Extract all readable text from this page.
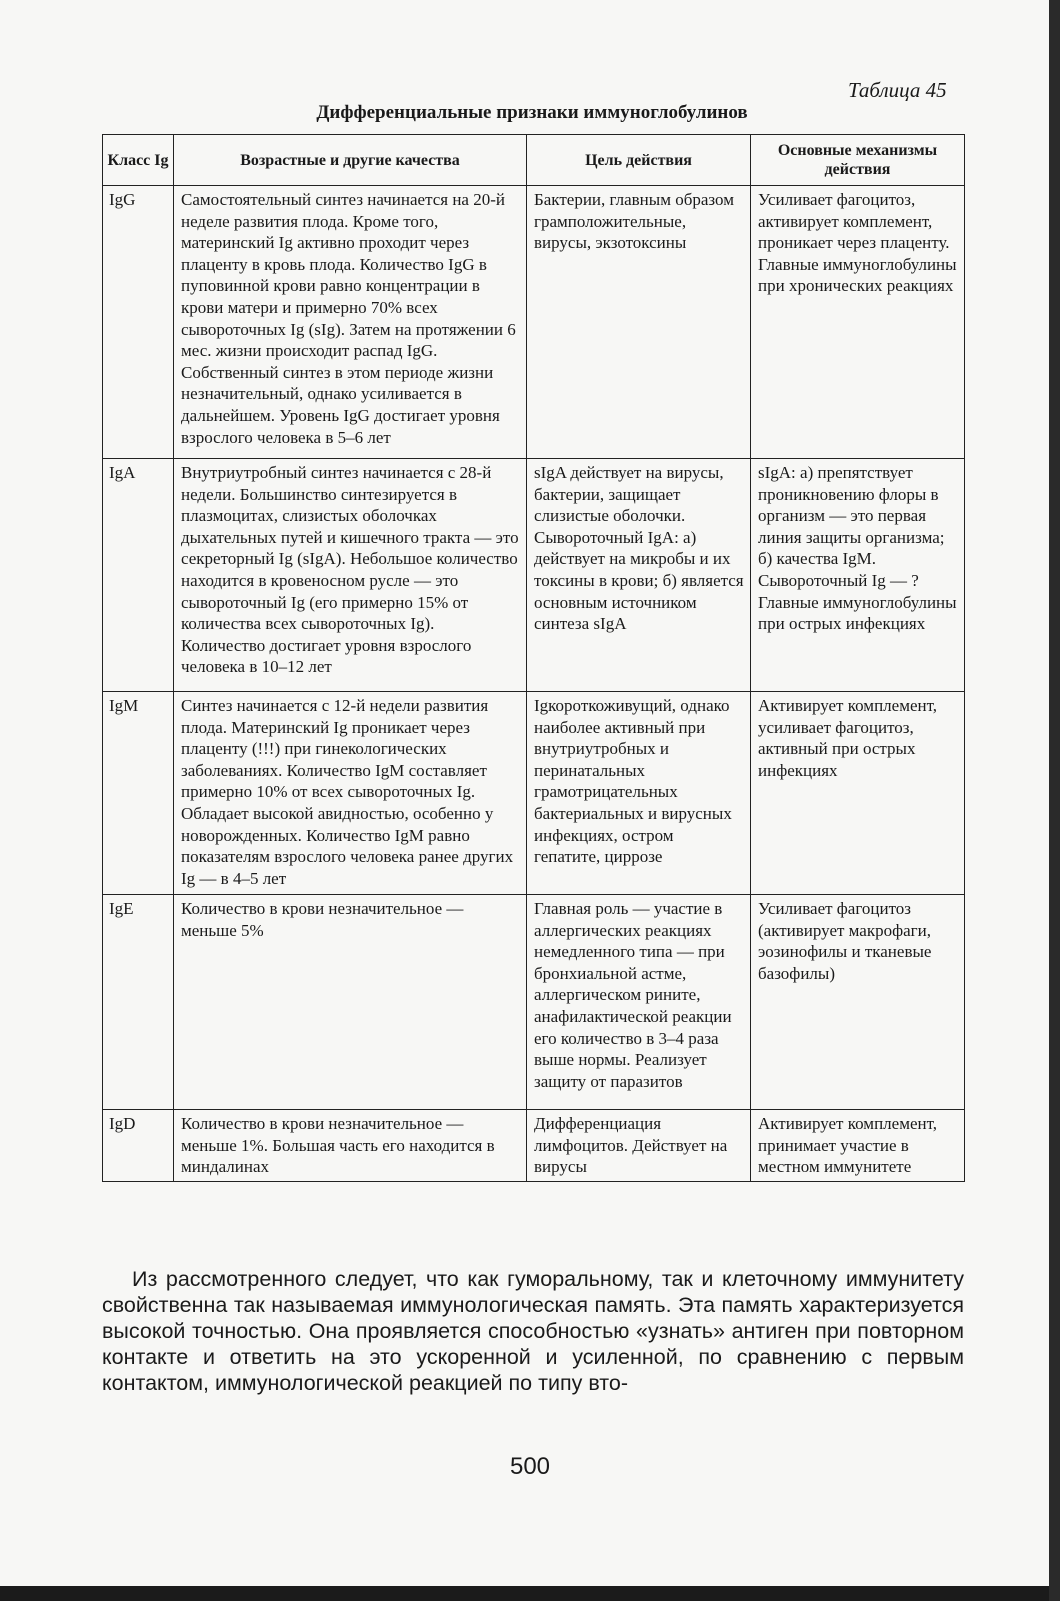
Таблица 45
Дифференциальные признаки иммуноглобулинов
Класс Ig	Возрастные и другие качества	Цель действия	Основные механизмы действия
IgG	Самостоятельный синтез начинается на 20-й неделе развития плода. Кроме того, материнский Ig активно проходит через плаценту в кровь плода. Количество IgG в пуповинной крови равно концентрации в крови матери и примерно 70% всех сывороточных Ig (sIg). Затем на протяжении 6 мес. жизни происходит распад IgG. Собственный синтез в этом периоде жизни незначительный, однако усиливается в дальнейшем. Уровень IgG достигает уровня взрослого человека в 5–6 лет	Бактерии, главным образом грамположительные, вирусы, экзотоксины	Усиливает фагоцитоз, активирует комплемент, проникает через плаценту. Главные иммуноглобулины при хронических реакциях
IgA	Внутриутробный синтез начинается с 28-й недели. Большинство синтезируется в плазмоцитах, слизистых оболочках дыхательных путей и кишечного тракта — это секреторный Ig (sIgA). Небольшое количество находится в кровеносном русле — это сывороточный Ig (его примерно 15% от количества всех сывороточных Ig). Количество достигает уровня взрослого человека в 10–12 лет	sIgA действует на вирусы, бактерии, защищает слизистые оболочки. Сывороточный IgA: а) действует на микробы и их токсины в крови; б) является основным источником синтеза sIgA	sIgA: а) препятствует проникновению флоры в организм — это первая линия защиты организма; б) качества IgM. Сывороточный Ig — ? Главные иммуноглобулины при острых инфекциях
IgM	Синтез начинается с 12-й недели развития плода. Материнский Ig проникает через плаценту (!!!) при гинекологических заболеваниях. Количество IgM составляет примерно 10% от всех сывороточных Ig. Обладает высокой авидностью, особенно у новорожденных. Количество IgM равно показателям взрослого человека ранее других Ig — в 4–5 лет	Igкороткоживущий, однако наиболее активный при внутриутробных и перинатальных грамотрицательных бактериальных и вирусных инфекциях, остром гепатите, циррозе	Активирует комплемент, усиливает фагоцитоз, активный при острых инфекциях
IgE	Количество в крови незначительное — меньше 5%	Главная роль — участие в аллергических реакциях немедленного типа — при бронхиальной астме, аллергическом рините, анафилактической реакции его количество в 3–4 раза выше нормы. Реализует защиту от паразитов	Усиливает фагоцитоз (активирует макрофаги, эозинофилы и тканевые базофилы)
IgD	Количество в крови незначительное — меньше 1%. Большая часть его находится в миндалинах	Дифференциация лимфоцитов. Действует на вирусы	Активирует комплемент, принимает участие в местном иммунитете

Из рассмотренного следует, что как гуморальному, так и клеточному иммунитету свойственна так называемая иммунологическая память. Эта память характеризуется высокой точностью. Она проявляется способностью «узнать» антиген при повторном контакте и ответить на это ускоренной и усиленной, по сравнению с первым контактом, иммунологической реакцией по типу вто-

500
